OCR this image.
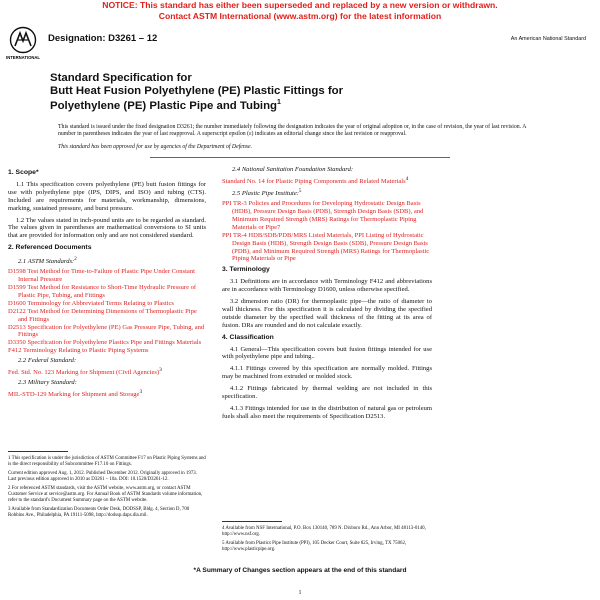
NOTICE: This standard has either been superseded and replaced by a new version or withdrawn.
Contact ASTM International (www.astm.org) for the latest information
INTERNATIONAL
Designation: D3261 – 12	An American National Standard
Standard Specification for
Butt Heat Fusion Polyethylene (PE) Plastic Fittings for
Polyethylene (PE) Plastic Pipe and Tubing$^1$

This standard is issued under the fixed designation D3261; the number immediately following the designation indicates the year of original adoption or, in the case of revision, the year of last revision. A number in parentheses indicates the year of last reapproval. A superscript epsilon (ε) indicates an editorial change since the last revision or reapproval.

This standard has been approved for use by agencies of the Department of Defense.

1. Scope*
1.1 This specification covers polyethylene (PE) butt fusion fittings for use with polyethylene pipe (IPS, DIPS, and ISO) and tubing (CTS). Included are requirements for materials, workmanship, dimensions, marking, sustained pressure, and burst pressure.
1.2 The values stated in inch-pound units are to be regarded as standard. The values given in parentheses are mathematical conversions to SI units that are provided for information only and are not considered standard.
2. Referenced Documents
2.1 ASTM Standards:$^2$
D1598 Test Method for Time-to-Failure of Plastic Pipe Under Constant Internal Pressure
D1599 Test Method for Resistance to Short-Time Hydraulic Pressure of Plastic Pipe, Tubing, and Fittings
D1600 Terminology for Abbreviated Terms Relating to Plastics
D2122 Test Method for Determining Dimensions of Thermoplastic Pipe and Fittings
D2513 Specification for Polyethylene (PE) Gas Pressure Pipe, Tubing, and Fittings
D3350 Specification for Polyethylene Plastics Pipe and Fittings Materials
F412 Terminology Relating to Plastic Piping Systems
2.2 Federal Standard:
Fed. Std. No. 123 Marking for Shipment (Civil Agencies)$^3$
2.3 Military Standard:
MIL-STD-129 Marking for Shipment and Storage$^3$
2.4 National Sanitation Foundation Standard:
Standard No. 14 for Plastic Piping Components and Related Materials$^4$
2.5 Plastic Pipe Institute:$^5$
PPI TR-3 Policies and Procedures for Developing Hydrostatic Design Basis (HDB), Pressure Design Basis (PDB), Strength Design Basis (SDB), and Minimum Required Strength (MRS) Ratings for Thermoplastic Piping Materials or Pipe7
PPI TR-4 HDB/SDB/PDB/MRS Listed Materials, PPI Listing of Hydrostatic Design Basis (HDB), Strength Design Basis (SDB), Pressure Design Basis (PDB), and Minimum Required Strength (MRS) Ratings for Thermoplastic Piping Materials or Pipe
3. Terminology
3.1 Definitions are in accordance with Terminology F412 and abbreviations are in accordance with Terminology D1600, unless otherwise specified.
3.2 dimension ratio (DR) for thermoplastic pipe—the ratio of diameter to wall thickness. For this specification it is calculated by dividing the specified outside diameter by the specified wall thickness of the fitting at its area of fusion. DRs are rounded and do not calculate exactly.
4. Classification
4.1 General—This specification covers butt fusion fittings intended for use with polyethylene pipe and tubing..
4.1.1 Fittings covered by this specification are normally molded. Fittings may be machined from extruded or molded stock.
4.1.2 Fittings fabricated by thermal welding are not included in this specification.
4.1.3 Fittings intended for use in the distribution of natural gas or petroleum fuels shall also meet the requirements of Specification D2513.

1 This specification is under the jurisdiction of ASTM Committee F17 on Plastic Piping Systems and is the direct responsibility of Subcommittee F17.10 on Fittings.

Current edition approved Aug. 1, 2012. Published December 2012. Originally approved in 1973. Last previous edition approved in 2010 as D3261 – 10a. DOI: 10.1520/D3261-12.

2 For referenced ASTM standards, visit the ASTM website, www.astm.org, or contact ASTM Customer Service at service@astm.org. For Annual Book of ASTM Standards volume information, refer to the standard's Document Summary page on the ASTM website.

3 Available from Standardization Documents Order Desk, DODSSP, Bldg. 4, Section D, 700 Robbins Ave., Philadelphia, PA 19111-5098, http://dodssp.daps.dla.mil.

4 Available from NSF International, P.O. Box 130140, 789 N. Dixboro Rd., Ann Arbor, MI 48113-0140, http://www.nsf.org.

5 Available from Plastics Pipe Institute (PPI), 105 Decker Court, Suite 825, Irving, TX 75062, http://www.plasticpipe.org.

*A Summary of Changes section appears at the end of this standard
1
